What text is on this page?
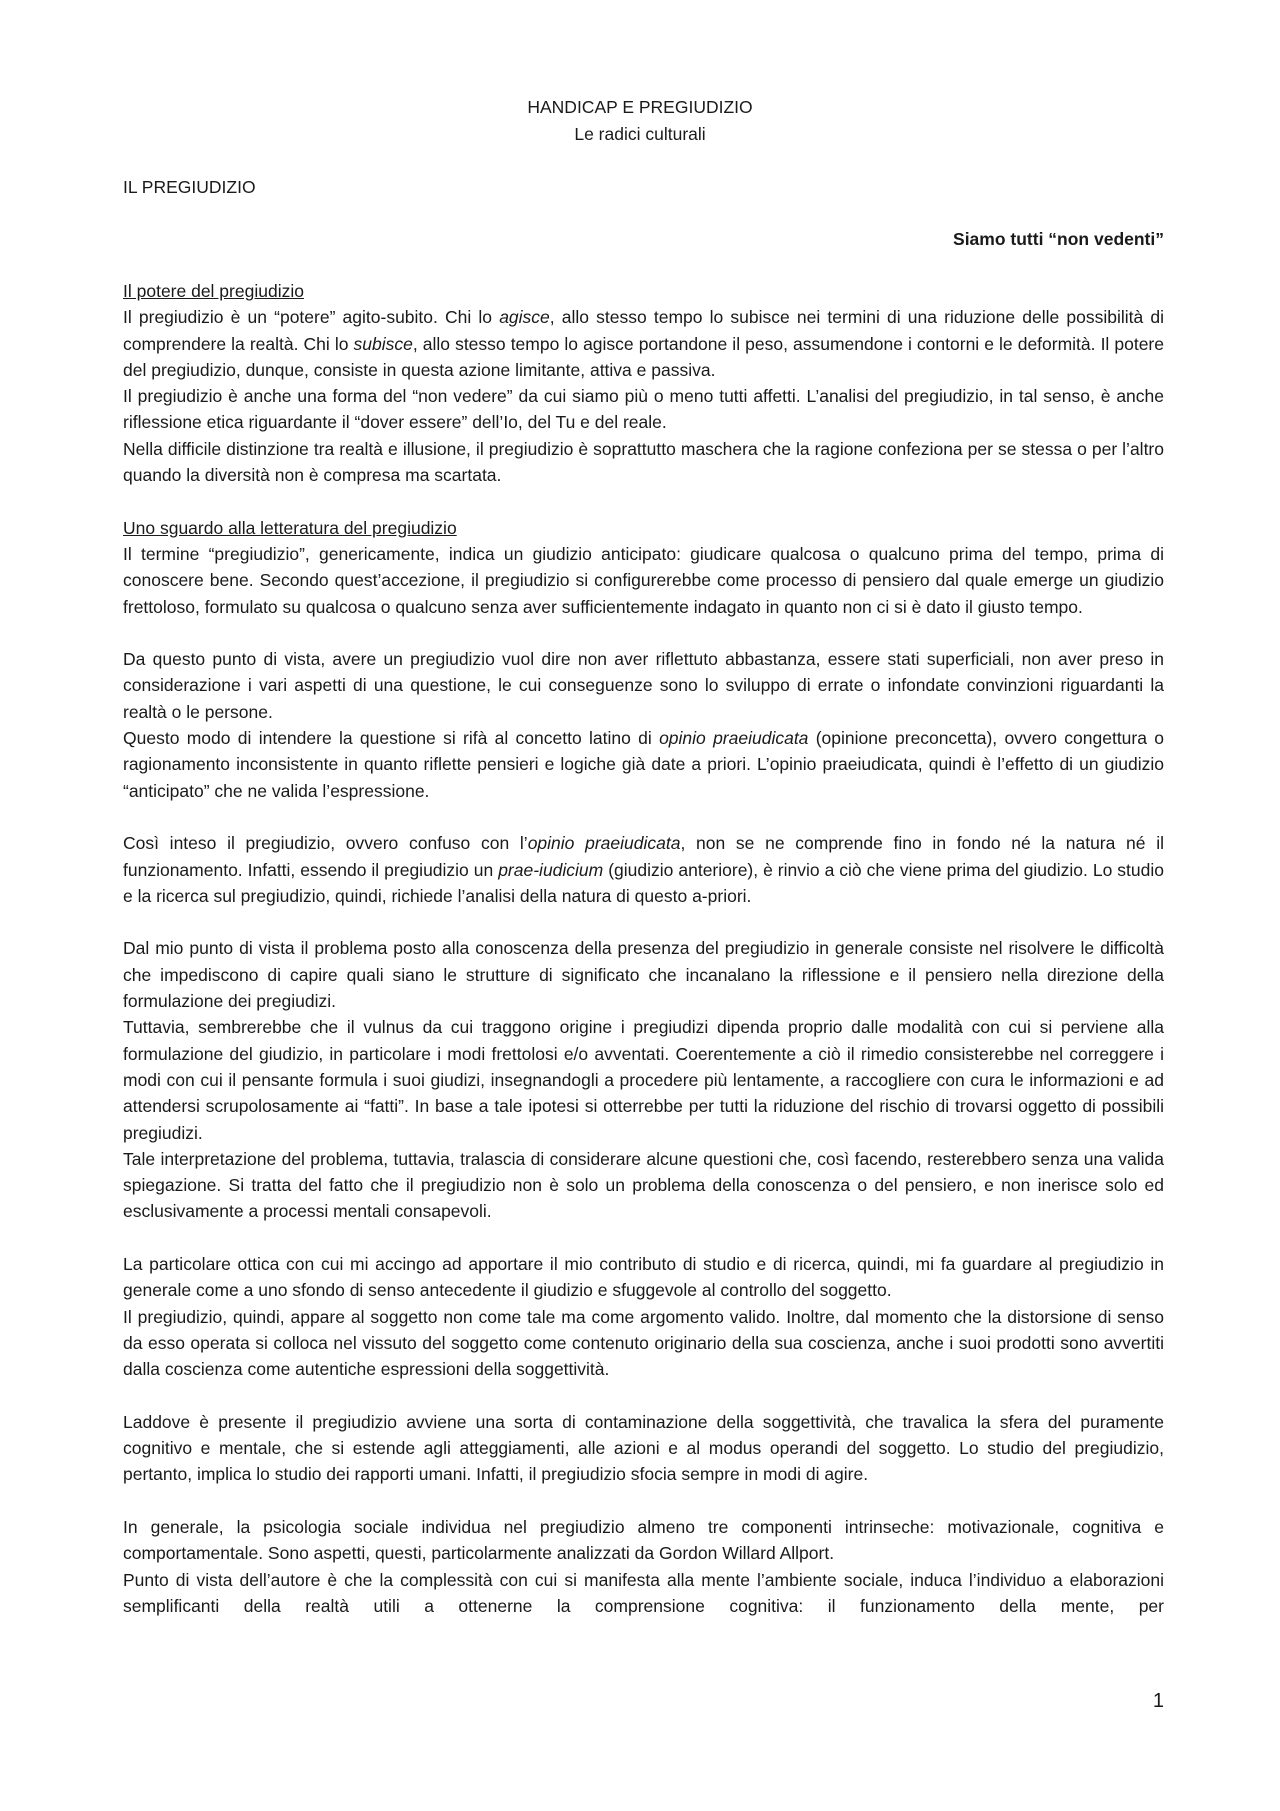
HANDICAP E PREGIUDIZIO
Le radici culturali
IL PREGIUDIZIO
Siamo tutti “non vedenti”

Il potere del pregiudizio

Il pregiudizio è un “potere” agito-subito. Chi lo agisce, allo stesso tempo lo subisce nei termini di una riduzione delle possibilità di comprendere la realtà. Chi lo subisce, allo stesso tempo lo agisce portandone il peso, assumendone i contorni e le deformità. Il potere del pregiudizio, dunque, consiste in questa azione limitante, attiva e passiva.

Il pregiudizio è anche una forma del “non vedere” da cui siamo più o meno tutti affetti. L’analisi del pregiudizio, in tal senso, è anche riflessione etica riguardante il “dover essere” dell’Io, del Tu e del reale.

Nella difficile distinzione tra realtà e illusione, il pregiudizio è soprattutto maschera che la ragione confeziona per se stessa o per l’altro quando la diversità non è compresa ma scartata.

Uno sguardo alla letteratura del pregiudizio

Il termine “pregiudizio”, genericamente, indica un giudizio anticipato: giudicare qualcosa o qualcuno prima del tempo, prima di conoscere bene. Secondo quest’accezione, il pregiudizio si configurerebbe come processo di pensiero dal quale emerge un giudizio frettoloso, formulato su qualcosa o qualcuno senza aver sufficientemente indagato in quanto non ci si è dato il giusto tempo.

Da questo punto di vista, avere un pregiudizio vuol dire non aver riflettuto abbastanza, essere stati superficiali, non aver preso in considerazione i vari aspetti di una questione, le cui conseguenze sono lo sviluppo di errate o infondate convinzioni riguardanti la realtà o le persone.

Questo modo di intendere la questione si rifà al concetto latino di opinio praeiudicata (opinione preconcetta), ovvero congettura o ragionamento inconsistente in quanto riflette pensieri e logiche già date a priori. L’opinio praeiudicata, quindi è l’effetto di un giudizio “anticipato” che ne valida l’espressione.

Così inteso il pregiudizio, ovvero confuso con l’opinio praeiudicata, non se ne comprende fino in fondo né la natura né il funzionamento. Infatti, essendo il pregiudizio un prae-iudicium (giudizio anteriore), è rinvio a ciò che viene prima del giudizio. Lo studio e la ricerca sul pregiudizio, quindi, richiede l’analisi della natura di questo a-priori.

Dal mio punto di vista il problema posto alla conoscenza della presenza del pregiudizio in generale consiste nel risolvere le difficoltà che impediscono di capire quali siano le strutture di significato che incanalano la riflessione e il pensiero nella direzione della formulazione dei pregiudizi.

Tuttavia, sembrerebbe che il vulnus da cui traggono origine i pregiudizi dipenda proprio dalle modalità con cui si perviene alla formulazione del giudizio, in particolare i modi frettolosi e/o avventati. Coerentemente a ciò il rimedio consisterebbe nel correggere i modi con cui il pensante formula i suoi giudizi, insegnandogli a procedere più lentamente, a raccogliere con cura le informazioni e ad attendersi scrupolosamente ai “fatti”. In base a tale ipotesi si otterrebbe per tutti la riduzione del rischio di trovarsi oggetto di possibili pregiudizi.

Tale interpretazione del problema, tuttavia, tralascia di considerare alcune questioni che, così facendo, resterebbero senza una valida spiegazione. Si tratta del fatto che il pregiudizio non è solo un problema della conoscenza o del pensiero, e non inerisce solo ed esclusivamente a processi mentali consapevoli.

La particolare ottica con cui mi accingo ad apportare il mio contributo di studio e di ricerca, quindi, mi fa guardare al pregiudizio in generale come a uno sfondo di senso antecedente il giudizio e sfuggevole al controllo del soggetto.

Il pregiudizio, quindi, appare al soggetto non come tale ma come argomento valido. Inoltre, dal momento che la distorsione di senso da esso operata si colloca nel vissuto del soggetto come contenuto originario della sua coscienza, anche i suoi prodotti sono avvertiti dalla coscienza come autentiche espressioni della soggettività.

Laddove è presente il pregiudizio avviene una sorta di contaminazione della soggettività, che travalica la sfera del puramente cognitivo e mentale, che si estende agli atteggiamenti, alle azioni e al modus operandi del soggetto. Lo studio del pregiudizio, pertanto, implica lo studio dei rapporti umani. Infatti, il pregiudizio sfocia sempre in modi di agire.

In generale, la psicologia sociale individua nel pregiudizio almeno tre componenti intrinseche: motivazionale, cognitiva e comportamentale. Sono aspetti, questi, particolarmente analizzati da Gordon Willard Allport.

Punto di vista dell’autore è che la complessità con cui si manifesta alla mente l’ambiente sociale, induca l’individuo a elaborazioni semplificanti della realtà utili a ottenerne la comprensione cognitiva: il funzionamento della mente, per

1
